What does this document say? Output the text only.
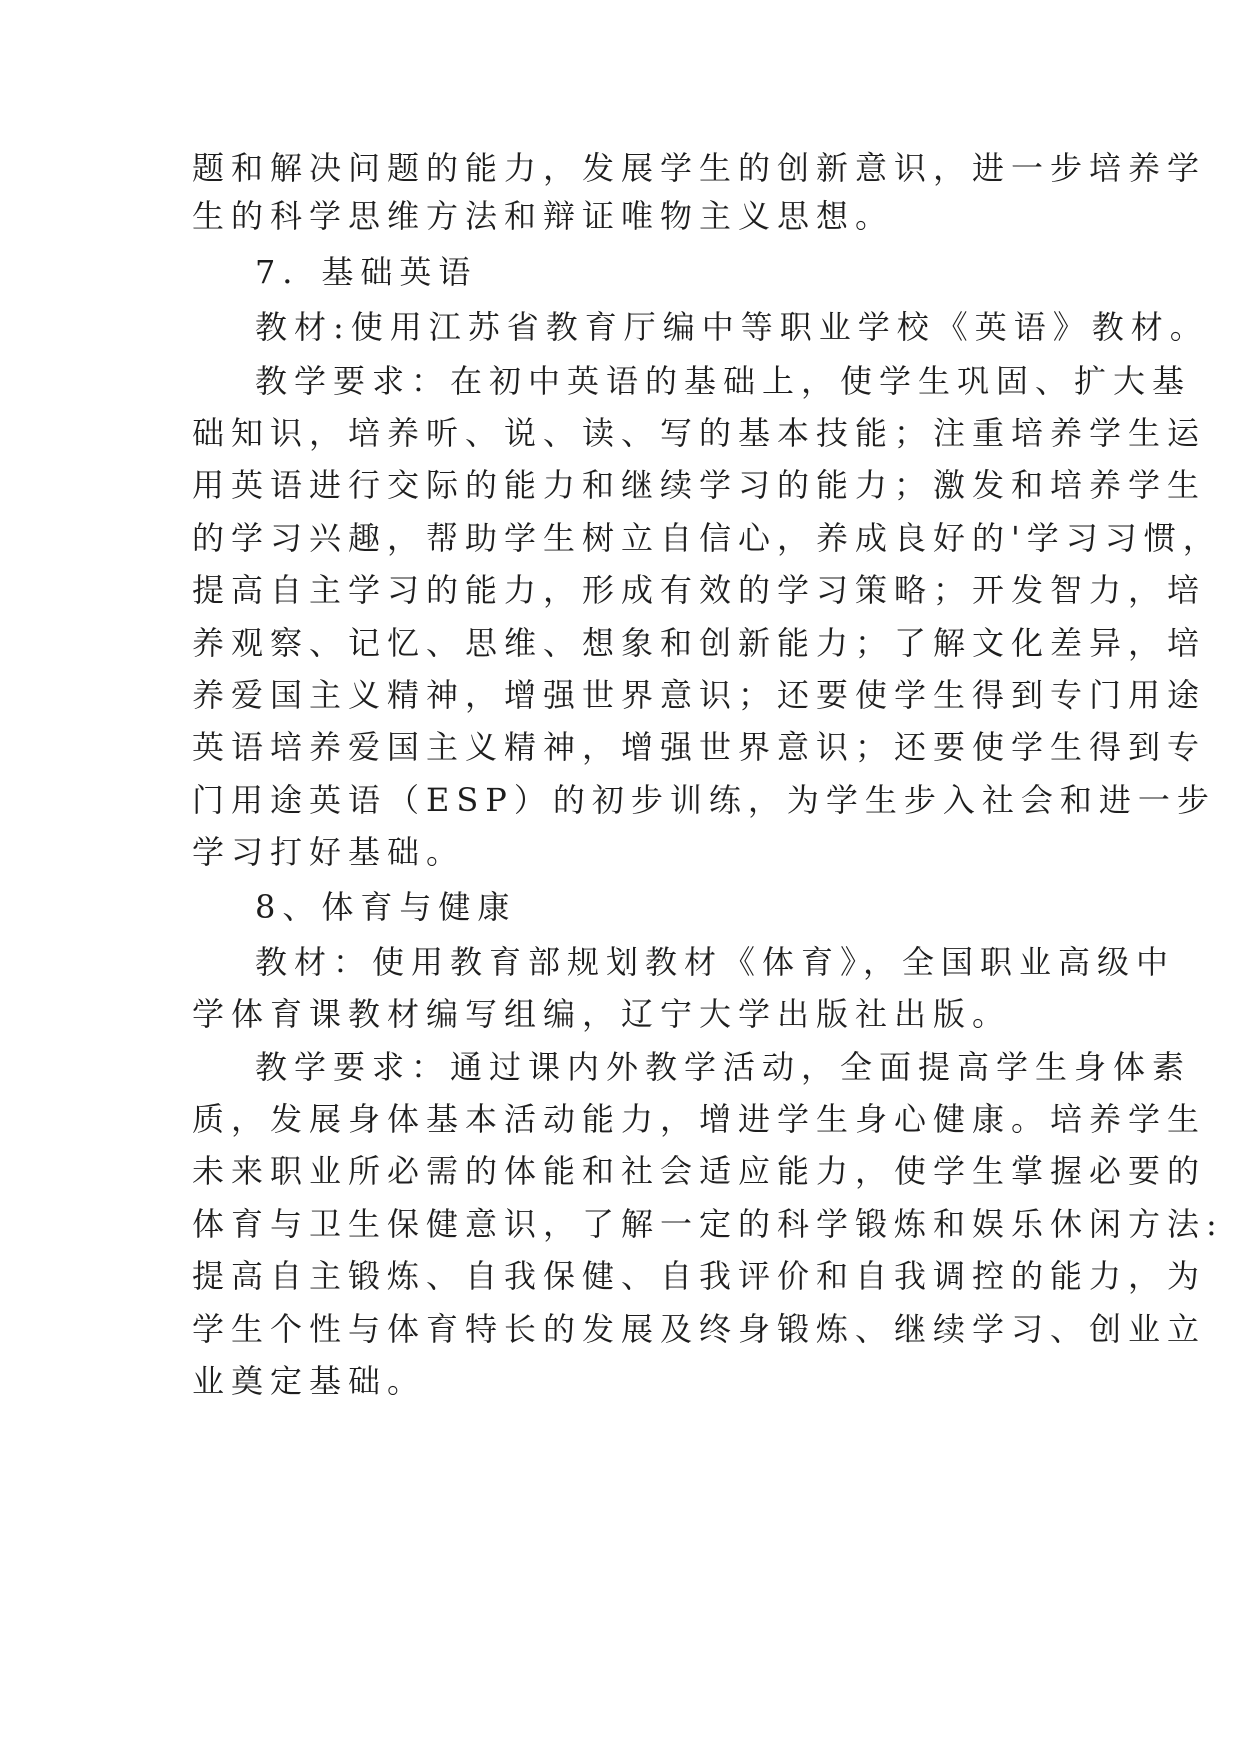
题和解决问题的能力，发展学生的创新意识，进一步培养学

生的科学思维方法和辩证唯物主义思想。

7．基础英语

教材:使用江苏省教育厅编中等职业学校《英语》教材。

教学要求：在初中英语的基础上，使学生巩固、扩大基

础知识，培养听、说、读、写的基本技能；注重培养学生运

用英语进行交际的能力和继续学习的能力；激发和培养学生

的学习兴趣，帮助学生树立自信心，养成良好的'学习习惯，

提高自主学习的能力，形成有效的学习策略；开发智力，培

养观察、记忆、思维、想象和创新能力；了解文化差异，培

养爱国主义精神，增强世界意识；还要使学生得到专门用途

英语培养爱国主义精神，增强世界意识；还要使学生得到专

门用途英语（ESP）的初步训练，为学生步入社会和进一步

学习打好基础。

8、体育与健康

教材：使用教育部规划教材《体育》，全国职业高级中

学体育课教材编写组编，辽宁大学出版社出版。

教学要求：通过课内外教学活动，全面提高学生身体素

质，发展身体基本活动能力，增进学生身心健康。培养学生

未来职业所必需的体能和社会适应能力，使学生掌握必要的

体育与卫生保健意识，了解一定的科学锻炼和娱乐休闲方法:

提高自主锻炼、自我保健、自我评价和自我调控的能力，为

学生个性与体育特长的发展及终身锻炼、继续学习、创业立

业奠定基础。
